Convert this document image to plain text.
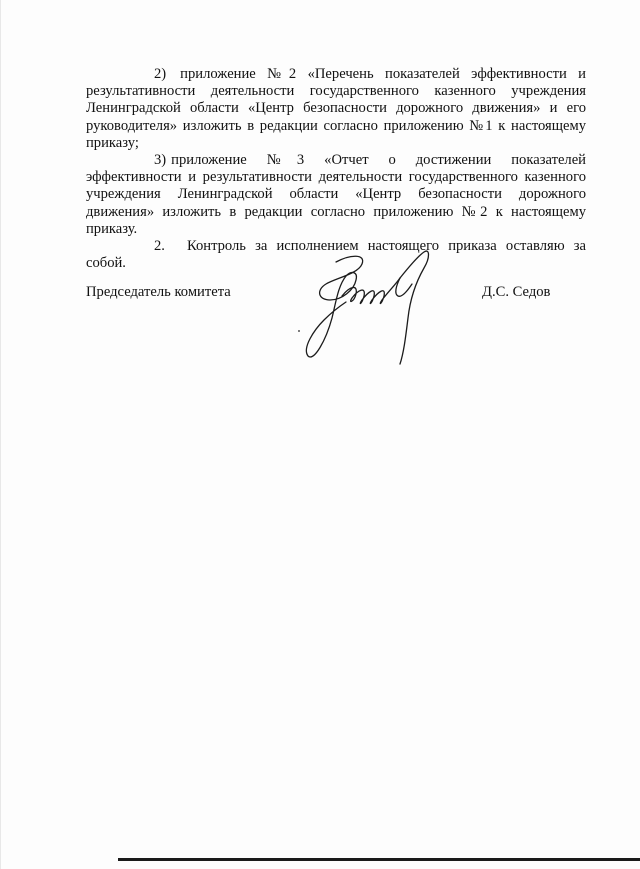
2) приложение №2 «Перечень показателей эффективности и результативности деятельности государственного казенного учреждения Ленинградской области «Центр безопасности дорожного движения» и его руководителя» изложить в редакции согласно приложению №1 к настоящему приказу;

3) приложение №3 «Отчет о достижении показателей эффективности и результативности деятельности государственного казенного учреждения Ленинградской области «Центр безопасности дорожного движения» изложить в редакции согласно приложению №2 к настоящему приказу.

2. Контроль за исполнением настоящего приказа оставляю за собой.

Председатель комитета	Д.С. Седов
